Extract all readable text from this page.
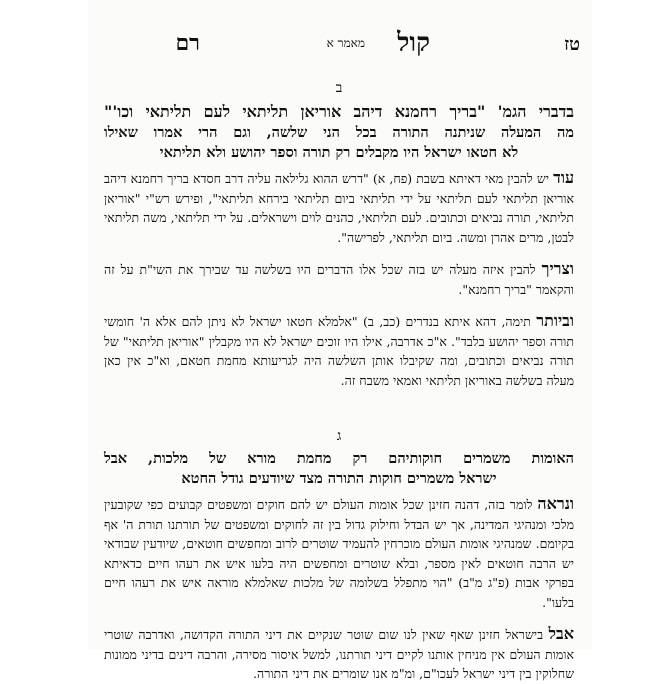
טז
קול
מאמר א
רם
ב

בדברי הגמ' "בריך רחמנא דיהב אוריאן תליתאי לעם תליתאי וכו'"

מה המעלה שניתנה התורה בכל הני שלשה, וגם הרי אמרו שאילו

לא חטאו ישראל היו מקבלים רק תורה וספר יהושע ולא תליתאי

עוד יש להבין מאי דאיתא בשבת (פח, א) "דרש ההוא גלילאה עליה דרב חסדא בריך רחמנא דיהב אוריאן תליתאי לעם תליתאי על ידי תליתאי ביום תליתאי בירחא תליתאי", ופירש רש"י "אוריאן תליתאי, תורה נביאים וכתובים. לעם תליתאי, כהנים לוים וישראלים. על ידי תליתאי, משה תליתאי לבטן, מרים אהרן ומשה. ביום תליתאי, לפרישה".

וצריך להבין איזה מעלה יש בזה שכל אלו הדברים היו בשלשה עד שבירך את השי"ת על זה והקאמר "בריך רחמנא".

וביותר תימה, דהא איתא בנדרים (כב, ב) "אלמלא חטאו ישראל לא ניתן להם אלא ה' חומשי תורה וספר יהושע בלבד". א"כ אדרבה, אילו היו זוכים ישראל לא היו מקבלין "אוריאן תליתאי" של תורה נביאים וכתובים, ומה שקיבלו אותן השלשה היה לגריעותא מחמת חטאם, וא"כ אין כאן מעלה בשלשה באוריאן תליתאי ואמאי משבח זה.

ג

האומות משמרים חוקותיהם רק מחמת מורא של מלכות, אבל

ישראל משמרים חוקות התורה מצד שיודעים גודל החטא

ונראה לומר בזה, דהנה חזינן שכל אומות העולם יש להם חוקים ומשפטים קבועים כפי שקובעין מלכי ומנהיגי המדינה, אך יש הבדל וחילוק גדול בין זה לחוקים ומשפטים של תורתנו תורת ה' אף בקיומם. שמנהיגי אומות העולם מוכרחין להעמיד שוטרים לרוב ומחפשים חוטאים, שיודעין שבודאי יש הרבה חוטאים לאין מספר, ובלא שוטרים ומחפשים היה בלעו איש את רעהו חיים כדאיתא בפרקי אבות (פ"ג מ"ב) "הוי מתפלל בשלומה של מלכות שאלמלא מוראה איש את רעהו חיים בלעו".

אבל בישראל חזינן שאף שאין לנו שום שוטר שנקיים את דיני התורה הקדושה, ואדרבה שוטרי אומות העולם אין מניחין אותנו לקיים דיני תורתנו, למשל איסור מסירה, והרבה דינים בדיני ממונות שחלוקין בין דיני ישראל לעכו"ם, ומ"מ אנו שומרים את דיני התורה.
